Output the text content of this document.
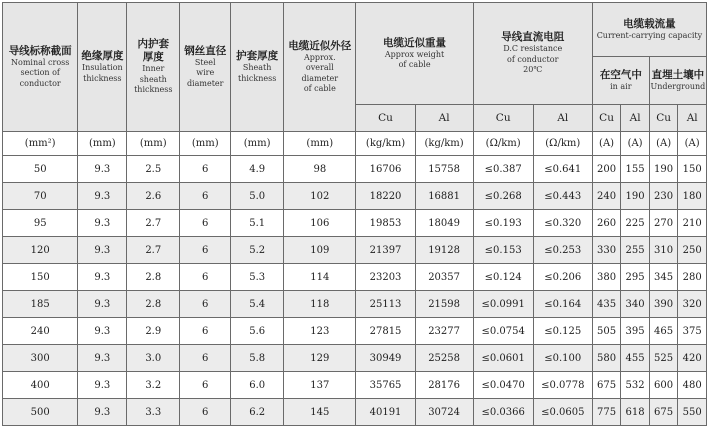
导线标称截面
Nominal cross
section of
conductor	绝缘厚度
Insulation
thickness	内护套
厚度
Inner
sheath
thickness	钢丝直径
Steel
wire
diameter	护套厚度
Sheath
thickness	电缆近似外径
Approx.
overall
diameter
of cable	电缆近似重量
Approx weight
of cable		导线直流电阻
D.C resistance
of conductor
20℃		电缆载流量
Current-carrying capacity			

										在空气中
in air		直埋土壤中
Underground	

						Cu	Al	Cu	Al	Cu	Al	Cu	Al
(mm²)	(mm)	(mm)	(mm)	(mm)	(mm)	(kg/km)	(kg/km)	(Ω/km)	(Ω/km)	(A)	(A)	(A)	(A)
50	9.3	2.5	6	4.9	98	16706	15758	≤0.387	≤0.641	200	155	190	150
70	9.3	2.6	6	5.0	102	18220	16881	≤0.268	≤0.443	240	190	230	180
95	9.3	2.7	6	5.1	106	19853	18049	≤0.193	≤0.320	260	225	270	210
120	9.3	2.7	6	5.2	109	21397	19128	≤0.153	≤0.253	330	255	310	250
150	9.3	2.8	6	5.3	114	23203	20357	≤0.124	≤0.206	380	295	345	280
185	9.3	2.8	6	5.4	118	25113	21598	≤0.0991	≤0.164	435	340	390	320
240	9.3	2.9	6	5.6	123	27815	23277	≤0.0754	≤0.125	505	395	465	375
300	9.3	3.0	6	5.8	129	30949	25258	≤0.0601	≤0.100	580	455	525	420
400	9.3	3.2	6	6.0	137	35765	28176	≤0.0470	≤0.0778	675	532	600	480
500	9.3	3.3	6	6.2	145	40191	30724	≤0.0366	≤0.0605	775	618	675	550
